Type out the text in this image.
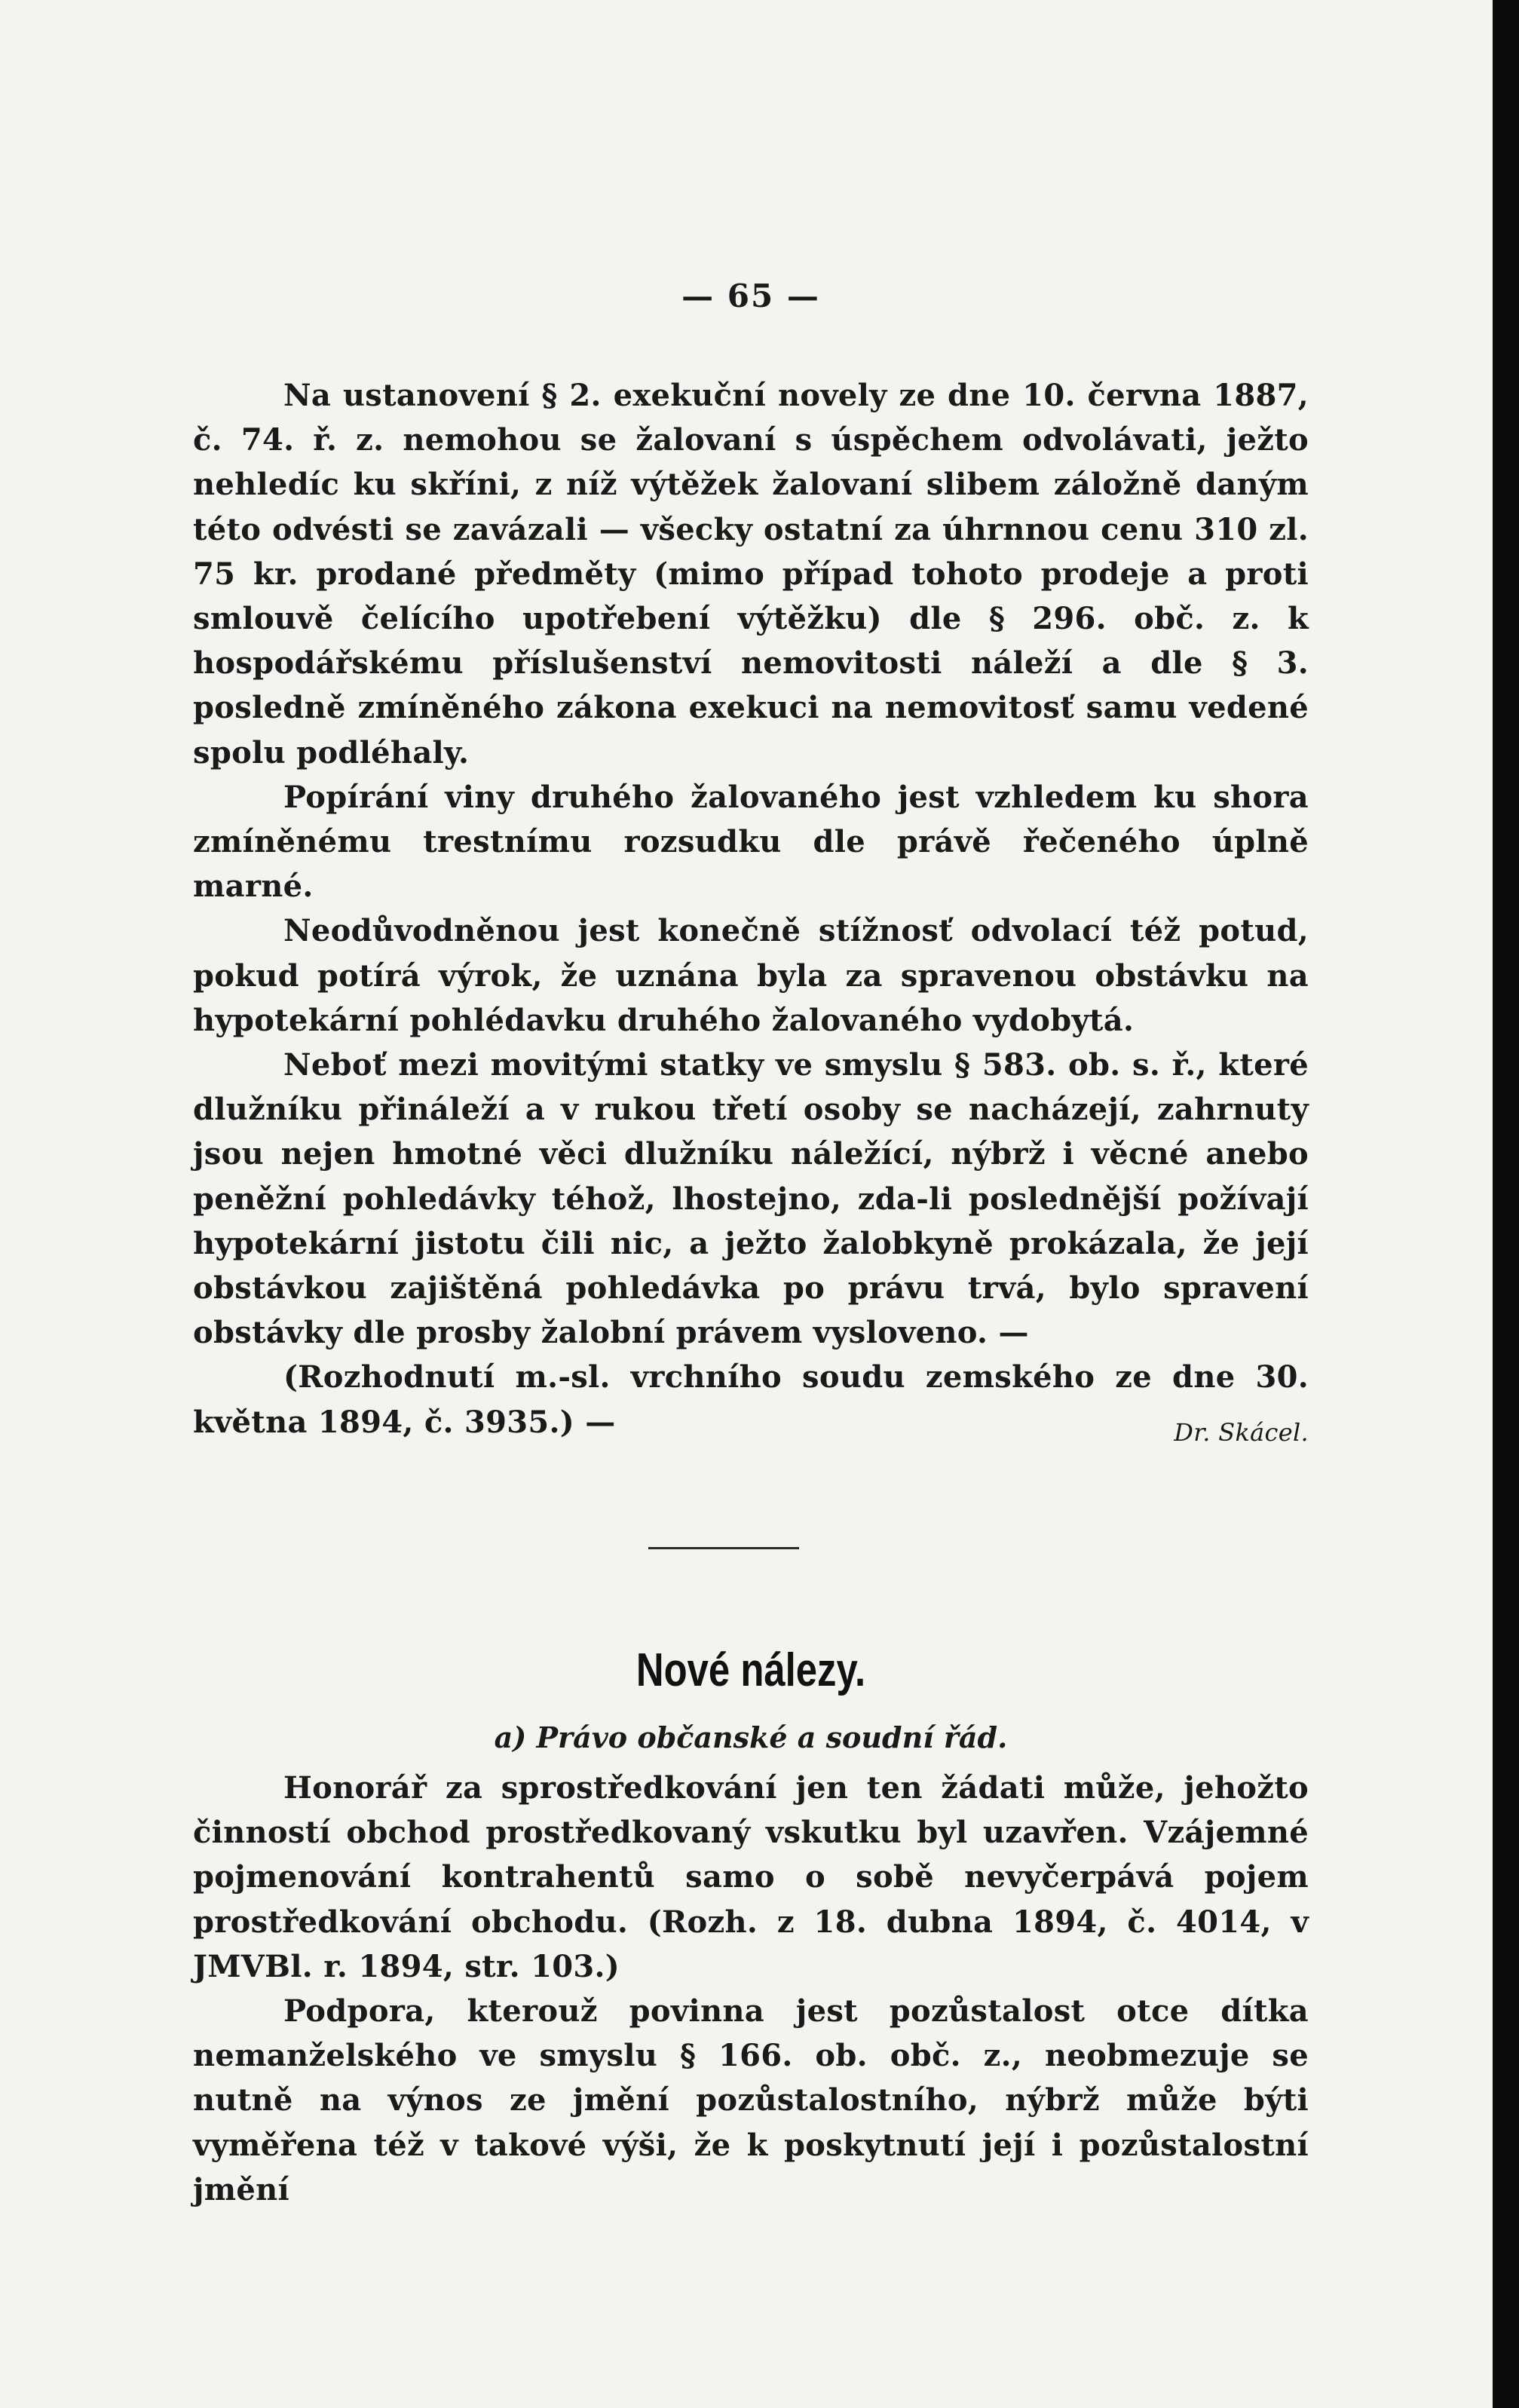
— 65 —

Na ustanovení § 2. exekuční novely ze dne 10. června 1887, č. 74. ř. z. nemohou se žalovaní s úspěchem odvolávati, ježto nehledíc ku skříni, z níž výtěžek žalovaní slibem záložně daným této odvésti se zavázali — všecky ostatní za úhrnnou cenu 310 zl. 75 kr. prodané předměty (mimo případ tohoto prodeje a proti smlouvě čelícího upotřebení výtěžku) dle § 296. obč. z. k hospodářskému příslušenství nemovitosti náleží a dle § 3. posledně zmíněného zákona exekuci na nemovitosť samu vedené spolu podléhaly.

Popírání viny druhého žalovaného jest vzhledem ku shora zmíněnému trestnímu rozsudku dle právě řečeného úplně marné.

Neodůvodněnou jest konečně stížnosť odvolací též potud, pokud potírá výrok, že uznána byla za spravenou obstávku na hypotekární pohlédavku druhého žalovaného vydobytá.

Neboť mezi movitými statky ve smyslu § 583. ob. s. ř., které dlužníku přináleží a v rukou třetí osoby se nacházejí, zahrnuty jsou nejen hmotné věci dlužníku náležící, nýbrž i věcné anebo peněžní pohledávky téhož, lhostejno, zda-li poslednější požívají hypotekární jistotu čili nic, a ježto žalobkyně prokázala, že její obstávkou zajištěná pohledávka po právu trvá, bylo spravení obstávky dle prosby žalobní právem vysloveno. —

(Rozhodnutí m.-sl. vrchního soudu zemského ze dne 30. května 1894, č. 3935.) —	Dr. Skácel.

Nové nálezy.
a) Právo občanské a soudní řád.

Honorář za sprostředkování jen ten žádati může, jehožto činností obchod prostředkovaný vskutku byl uzavřen. Vzájemné pojmenování kontrahentů samo o sobě nevyčerpává pojem prostředkování obchodu. (Rozh. z 18. dubna 1894, č. 4014, v JMVBl. r. 1894, str. 103.)

Podpora, kterouž povinna jest pozůstalost otce dítka nemanželského ve smyslu § 166. ob. obč. z., neobmezuje se nutně na výnos ze jmění pozůstalostního, nýbrž může býti vyměřena též v takové výši, že k poskytnutí její i pozůstalostní jmění
